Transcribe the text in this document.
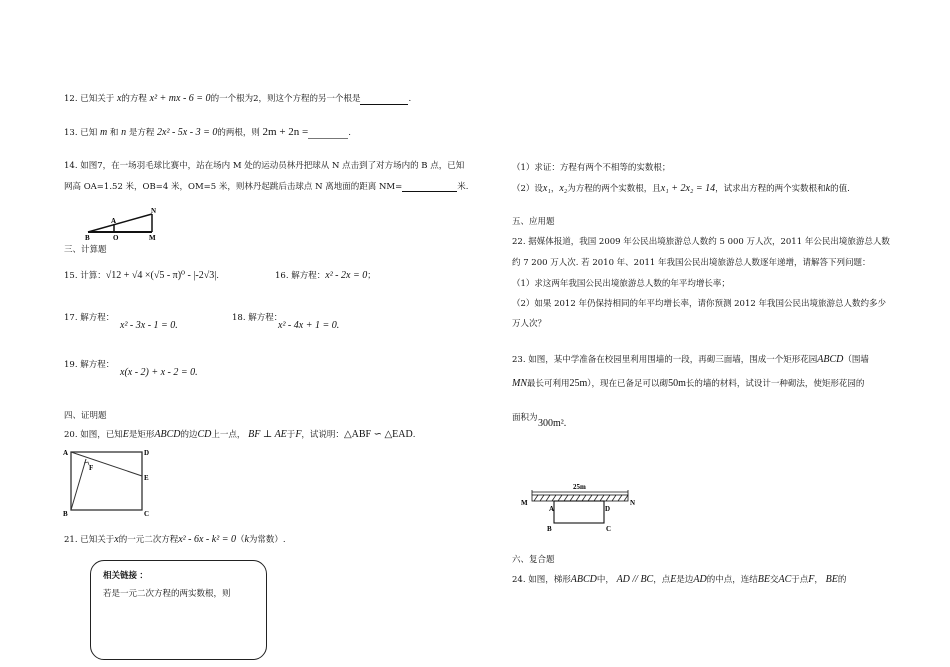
12. 已知关于 x的方程 x² + mx - 6 = 0的一个根为2，则这个方程的另一个根是	.
13. 已知 m 和 n 是方程 2x² - 5x - 3 = 0的两根，则 2m + 2n =	.
14. 如图7，在一场羽毛球比赛中，站在场内 M 处的运动员林丹把球从 N 点击到了对方场内的 B 点，已知
网高 OA=1.52 米，OB=4 米，OM=5 米，则林丹起跳后击球点 N 离地面的距离 NM=	米.
B
A
O	M
N
三、计算题
15. 计算：√12 + √4 ×(√5 - π)⁰ - |-2√3|.	16. 解方程：x² - 2x = 0；
17. 解方程：
x² - 3x - 1 = 0.
18. 解方程：
x² - 4x + 1 = 0.
19. 解方程：
x(x - 2) + x - 2 = 0.
四、证明题
20. 如图，已知E是矩形ABCD的边CD上一点， BF ⊥ AE于F，试说明：△ABF ∽ △EAD.
A	D
F
E
B	C
21. 已知关于x的一元二次方程x² - 6x - k² = 0（k为常数）.
相关链接 ：
若是一元二次方程的两实数根，则
（1）求证：方程有两个不相等的实数根；
（2）设x₁，x₂为方程的两个实数根，且x₁ + 2x₂ = 14，试求出方程的两个实数根和k的值.
五、应用题
22. 据媒体报道，我国 2009 年公民出境旅游总人数约 5 000 万人次，2011 年公民出境旅游总人数
约 7 200 万人次. 若 2010 年、2011 年我国公民出境旅游总人数逐年递增，请解答下列问题：
（1）求这两年我国公民出境旅游总人数的年平均增长率；
（2）如果 2012 年仍保持相同的年平均增长率，请你预测 2012 年我国公民出境旅游总人数约多少
万人次？
23. 如图，某中学准备在校园里利用围墙的一段，再砌三面墙，围成一个矩形花园ABCD（围墙
MN最长可利用25m），现在已备足可以砌50m长的墙的材料，试设计一种砌法，使矩形花园的
面积为 300m².
25m
M
A	D
N
B	C
六、复合题
24. 如图，梯形ABCD中， AD // BC，点E是边AD的中点，连结BE交AC于点F， BE的
